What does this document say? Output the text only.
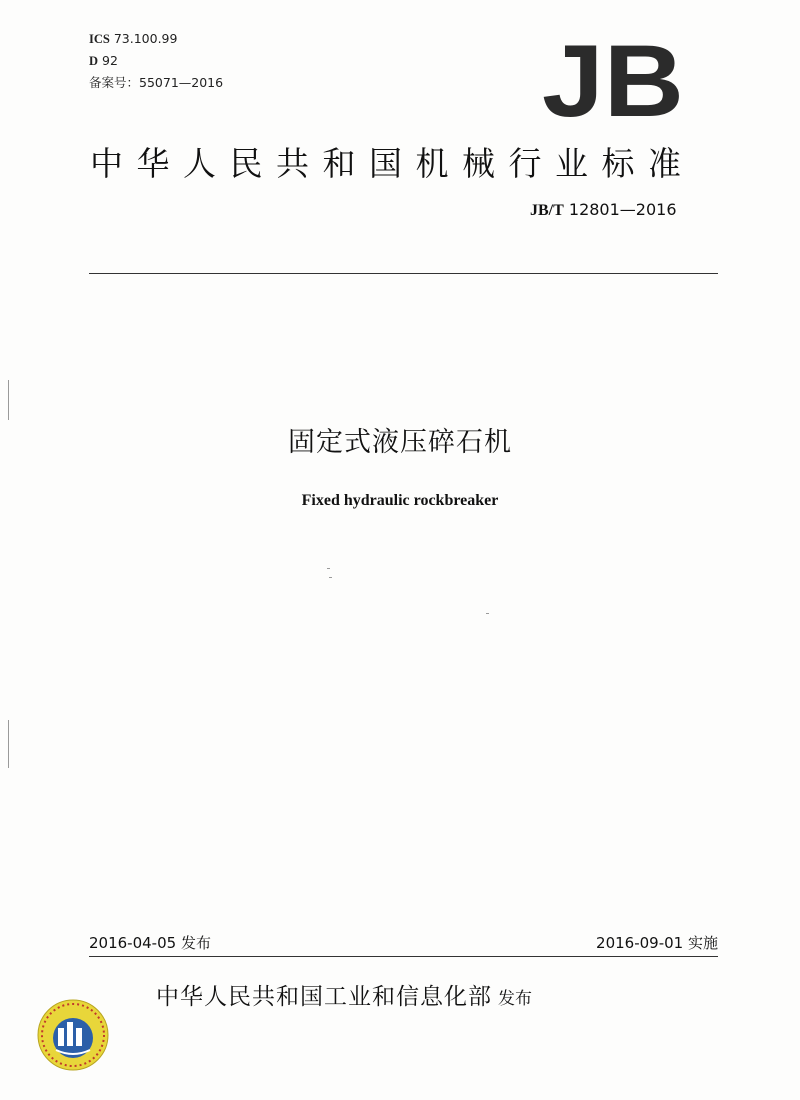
ICS 73.100.99
D 92
备案号：55071—2016	JB
中华人民共和国机械行业标准
JB/T 12801—2016
固定式液压碎石机
Fixed hydraulic rockbreaker
2016-04-05 发布	2016-09-01 实施
中华人民共和国工业和信息化部 发布
